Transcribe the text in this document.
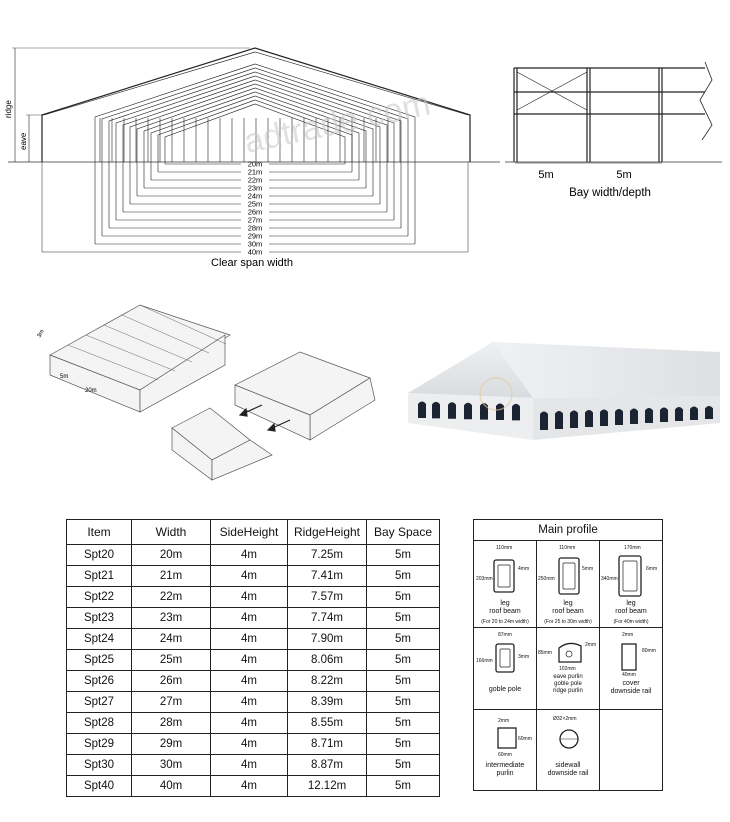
ridge
eave	adtrade.com
20m
21m
22m
23m
24m
25m
26m
27m
28m
29m
30m
40m
Clear span width
5m	5m
Bay width/depth
3m
5m
20m
Item	Width	SideHeight	RidgeHeight	Bay Space
Spt20	20m	4m	7.25m	5m
Spt21	21m	4m	7.41m	5m
Spt22	22m	4m	7.57m	5m
Spt23	23m	4m	7.74m	5m
Spt24	24m	4m	7.90m	5m
Spt25	25m	4m	8.06m	5m
Spt26	26m	4m	8.22m	5m
Spt27	27m	4m	8.39m	5m
Spt28	28m	4m	8.55m	5m
Spt29	29m	4m	8.71m	5m
Spt30	30m	4m	8.87m	5m
Spt40	40m	4m	12.12m	5m
Main profile
110mm
203mm
4mm
leg
roof beam
(For 20 to 24m width)
110mm
250mm
5mm
leg
roof beam
(For 25 to 30m width)
170mm
340mm
6mm
leg
roof beam
(For 40m width)
87mm
166mm
3mm
goble pole
102mm
85mm
2mm
eave purlin
goble pole
ridge purlin
40mm
80mm
2mm
cover
downside rail
2mm
60mm
60mm
intermediate
purlin
Ø32×2mm
sidewall
downside rail
